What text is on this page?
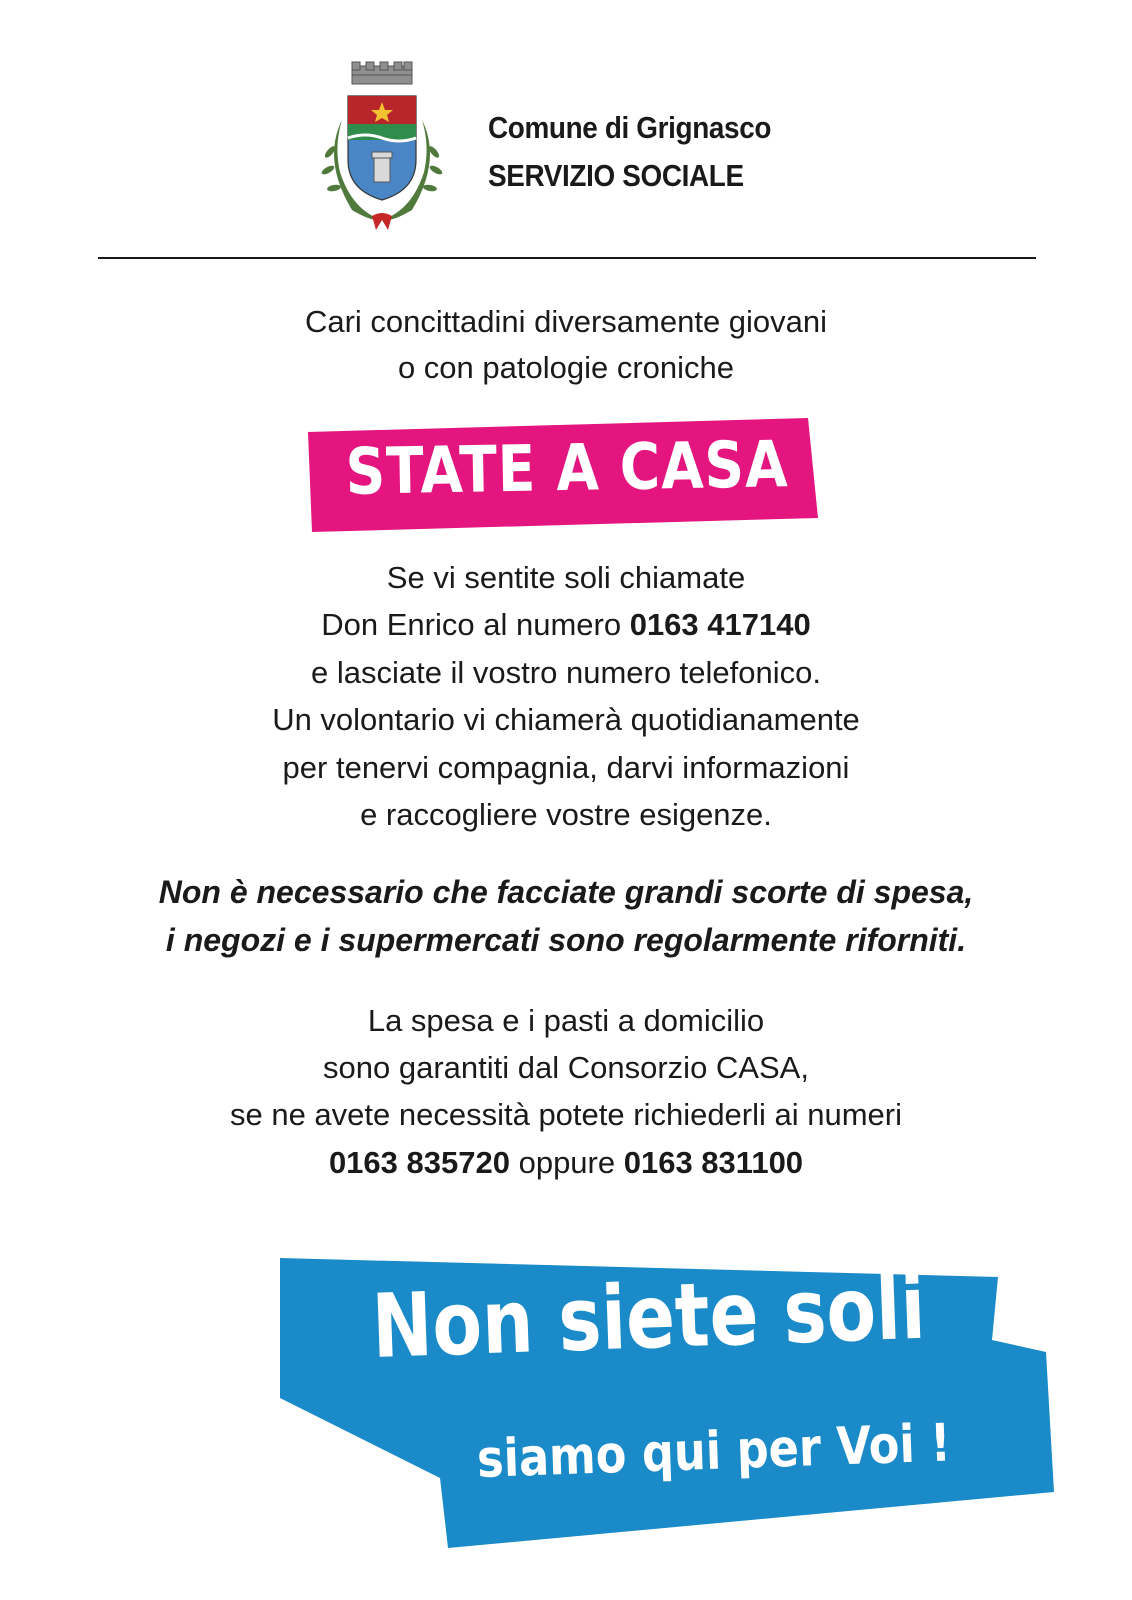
Comune di Grignasco
SERVIZIO SOCIALE
Cari concittadini diversamente giovani
o con patologie croniche
STATE A CASA
Se vi sentite soli chiamate
Don Enrico al numero 0163 417140
e lasciate il vostro numero telefonico.
Un volontario vi chiamerà quotidianamente
per tenervi compagnia, darvi informazioni
e raccogliere vostre esigenze.
Non è necessario che facciate grandi scorte di spesa,
i negozi e i supermercati sono regolarmente riforniti.
La spesa e i pasti a domicilio
sono garantiti dal Consorzio CASA,
se ne avete necessità potete richiederli ai numeri
0163 835720 oppure 0163 831100
Non siete soli
siamo qui per Voi !
